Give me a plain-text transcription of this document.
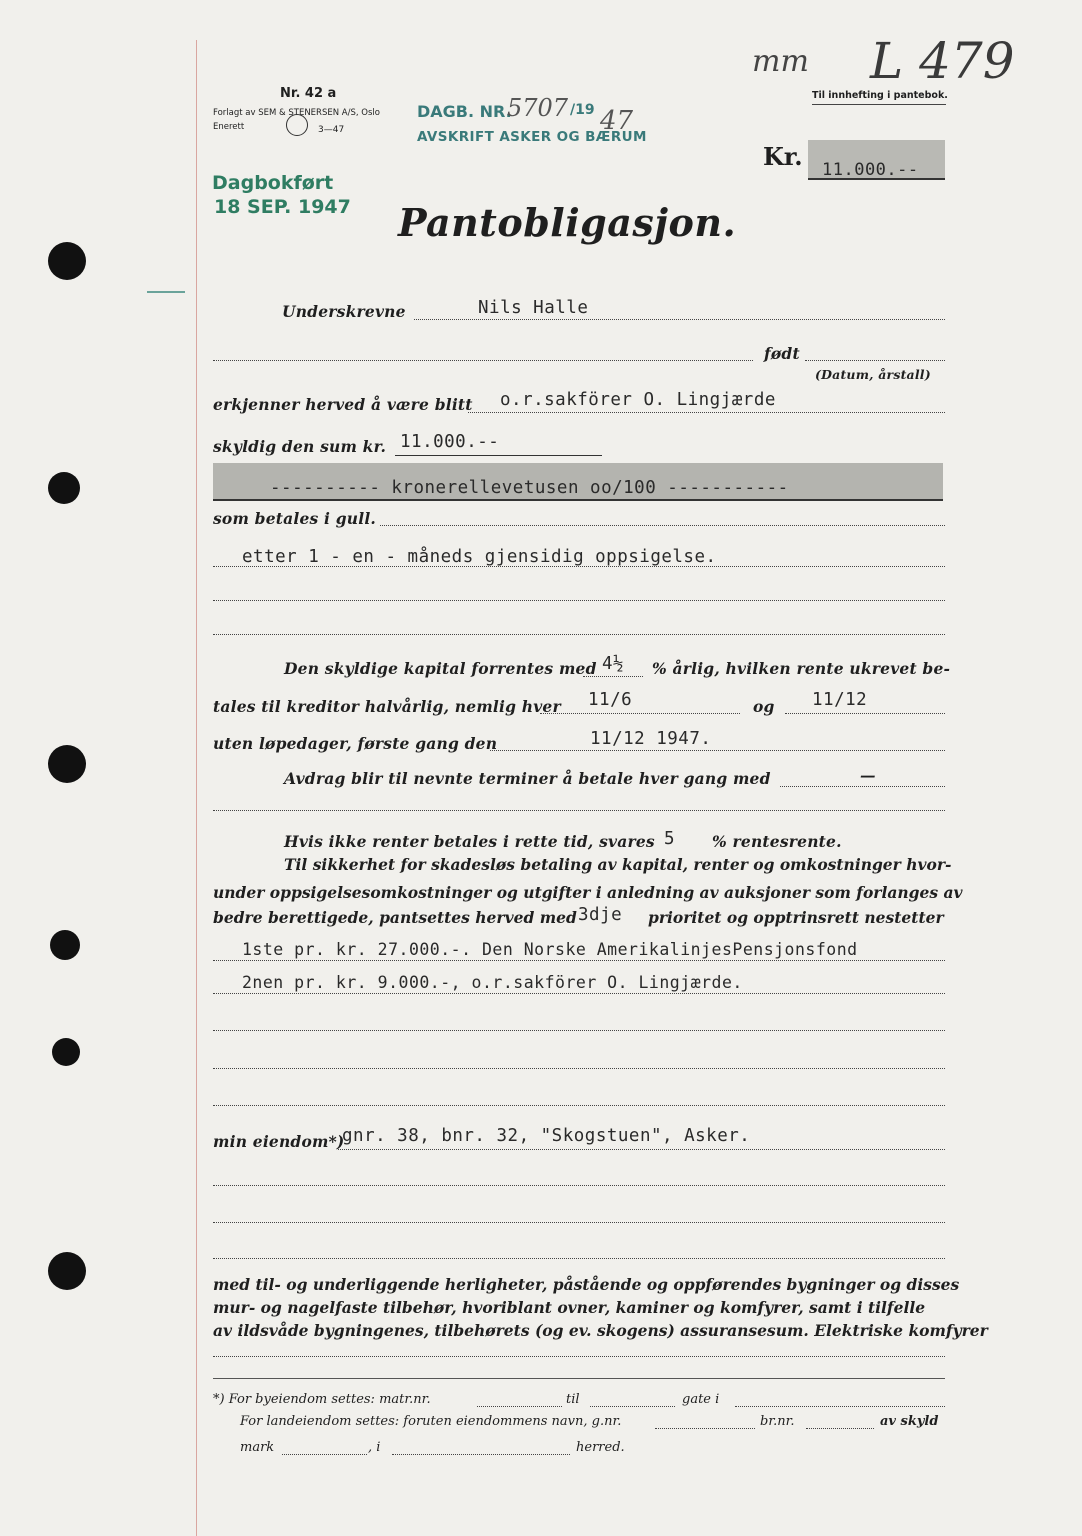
Nr. 42 a
Forlagt av SEM & STENERSEN A/S, Oslo
Enerett	3—47
DAGB. NR.
5707 /19 47
AVSKRIFT ASKER OG BÆRUM
Til innhefting i pantebok.
mm L 479
Dagbokført
18 SEP. 1947
Kr. 11.000.--
Pantobligasjon.
Underskrevne	Nils Halle
født
(Datum, årstall)
erkjenner herved å være blitt o.r.sakförer O. Lingjærde
skyldig den sum kr. 11.000.--
---------- kronerellevetusen oo/100 -----------
som betales i gull.
etter 1 - en - måneds gjensidig oppsigelse.
Den skyldige kapital forrentes med 4½ % årlig, hvilken rente ukrevet be-
tales til kreditor halvårlig, nemlig hver 11/6	og 11/12
uten løpedager, første gang den	11/12 1947.
Avdrag blir til nevnte terminer å betale hver gang med	—
Hvis ikke renter betales i rette tid, svares 5 % rentesrente.
Til sikkerhet for skadesløs betaling av kapital, renter og omkostninger hvor-
under oppsigelsesomkostninger og utgifter i anledning av auksjoner som forlanges av
bedre berettigede, pantsettes herved med 3dje prioritet og opptrinsrett nestetter
1ste pr. kr. 27.000.-. Den Norske AmerikalinjesPensjonsfond
2nen pr. kr. 9.000.-, o.r.sakförer O. Lingjærde.
min eiendom*)
gnr. 38, bnr. 32, "Skogstuen", Asker.
med til- og underliggende herligheter, påstående og oppførendes bygninger og disses
mur- og nagelfaste tilbehør, hvoriblant ovner, kaminer og komfyrer, samt i tilfelle
av ildsvåde bygningenes, tilbehørets (og ev. skogens) assuransesum. Elektriske komfyrer
*) For byeiendom settes: matr.nr.	til	gate i
For landeiendom settes: foruten eiendommens navn, g.nr.	br.nr.	av skyld
mark	, i	herred.
